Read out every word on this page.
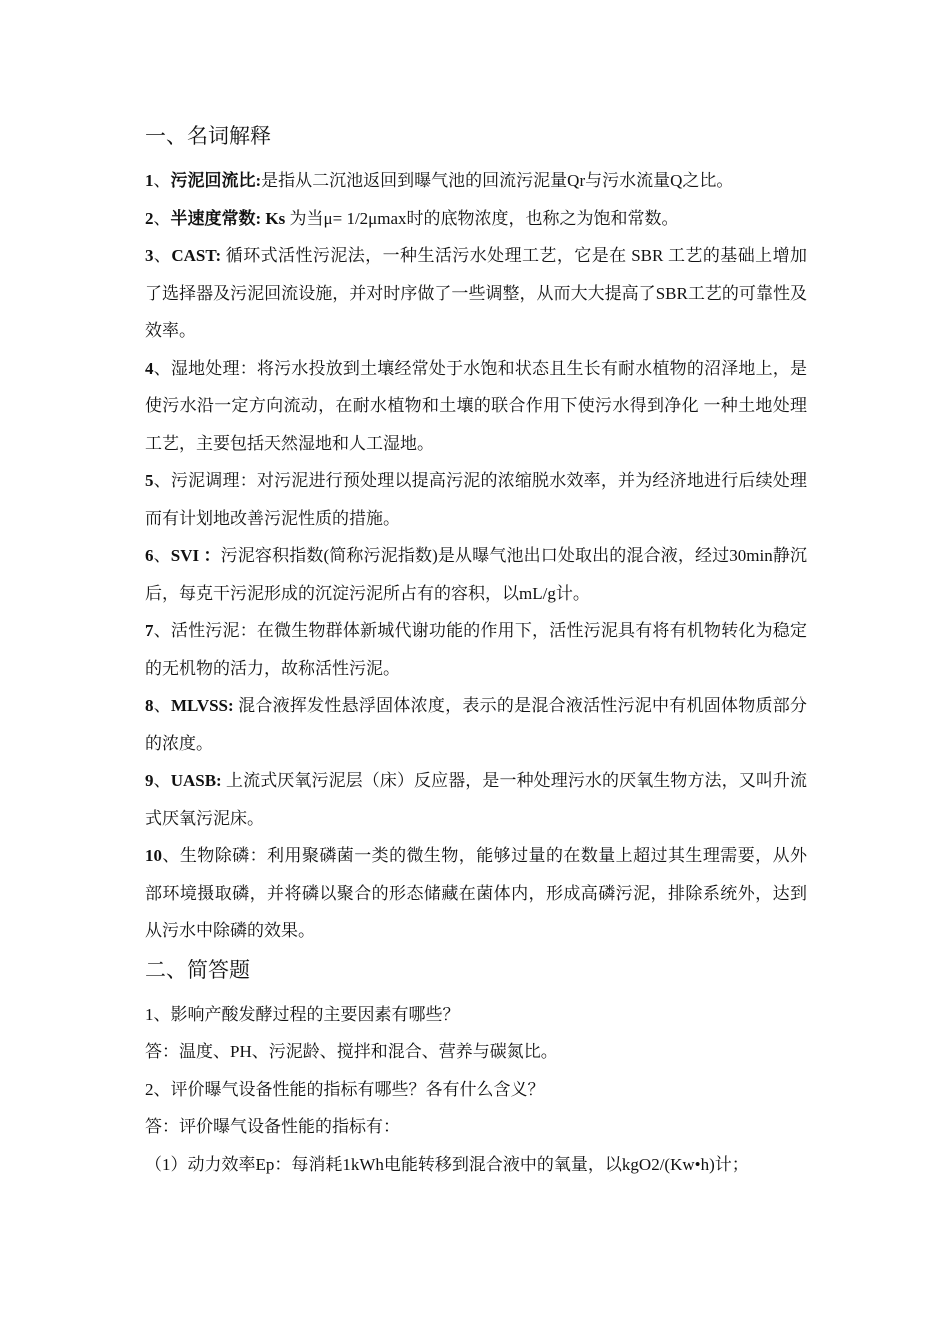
一、名词解释

1、污泥回流比:是指从二沉池返回到曝气池的回流污泥量Qr与污水流量Q之比。

2、半速度常数: Ks 为当μ= 1/2μmax时的底物浓度，也称之为饱和常数。

3、CAST: 循环式活性污泥法，一种生活污水处理工艺，它是在 SBR 工艺的基础上增加了选择器及污泥回流设施，并对时序做了一些调整，从而大大提高了SBR工艺的可靠性及效率。

4、湿地处理：将污水投放到土壤经常处于水饱和状态且生长有耐水植物的沼泽地上，是使污水沿一定方向流动，在耐水植物和土壤的联合作用下使污水得到净化 一种土地处理工艺，主要包括天然湿地和人工湿地。

5、污泥调理：对污泥进行预处理以提高污泥的浓缩脱水效率，并为经济地进行后续处理而有计划地改善污泥性质的措施。

6、SVI ：污泥容积指数(简称污泥指数)是从曝气池出口处取出的混合液，经过30min静沉后，每克干污泥形成的沉淀污泥所占有的容积，以mL/g计。

7、活性污泥：在微生物群体新城代谢功能的作用下，活性污泥具有将有机物转化为稳定的无机物的活力，故称活性污泥。

8、MLVSS: 混合液挥发性悬浮固体浓度，表示的是混合液活性污泥中有机固体物质部分的浓度。

9、UASB: 上流式厌氧污泥层（床）反应器，是一种处理污水的厌氧生物方法，又叫升流式厌氧污泥床。

10、生物除磷：利用聚磷菌一类的微生物，能够过量的在数量上超过其生理需要，从外部环境摄取磷，并将磷以聚合的形态储藏在菌体内，形成高磷污泥，排除系统外，达到从污水中除磷的效果。

二、简答题

1、影响产酸发酵过程的主要因素有哪些？

答：温度、PH、污泥龄、搅拌和混合、营养与碳氮比。

2、评价曝气设备性能的指标有哪些？各有什么含义？

答：评价曝气设备性能的指标有：

（1）动力效率Ep：每消耗1kWh电能转移到混合液中的氧量，以kgO2/(Kw•h)计；
